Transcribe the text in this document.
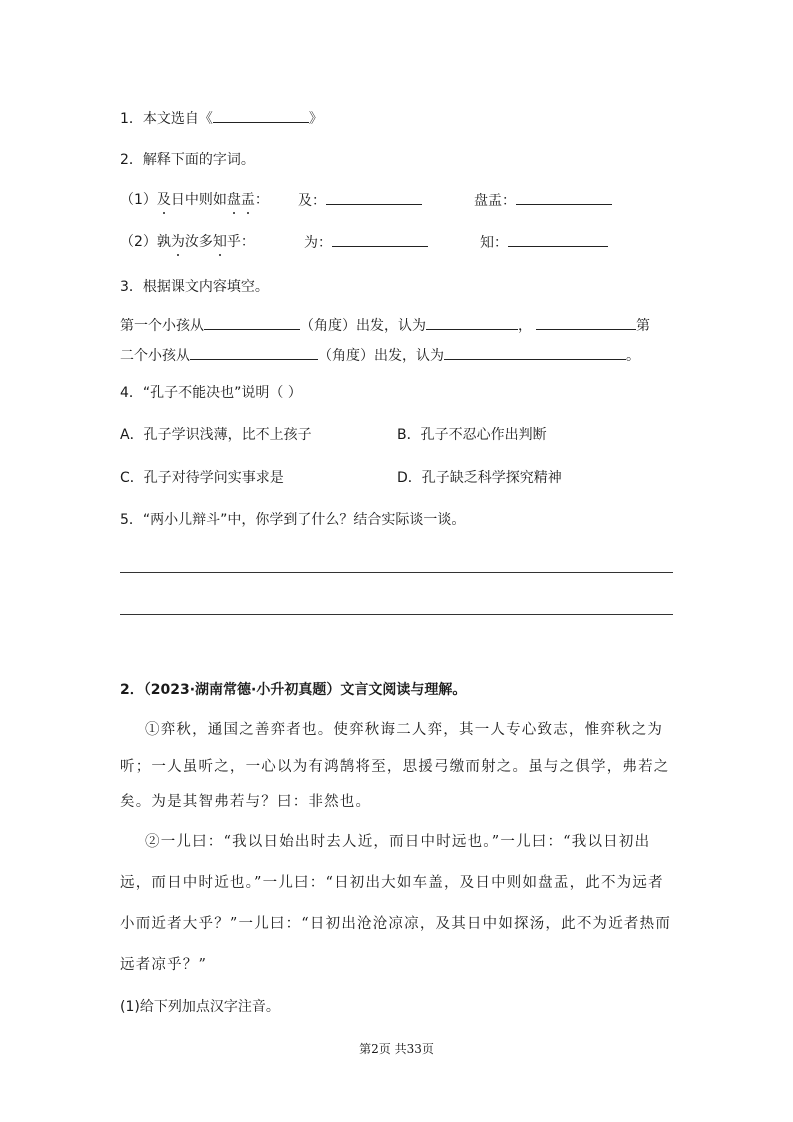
1．本文选自《	》
2．解释下面的字词。
（1）及日中则如盘盂： 及：	盘盂：
（2）孰为汝多知乎：	为：	知：
3．根据课文内容填空。
第一个小孩从	（角度）出发，认为	，	第
二个小孩从	（角度）出发，认为	。
4．“孔子不能决也”说明（ ）
A．孔子学识浅薄，比不上孩子	B．孔子不忍心作出判断
C．孔子对待学问实事求是	D．孔子缺乏科学探究精神
5．“两小儿辩斗”中，你学到了什么？结合实际谈一谈。
2．（2023·湖南常德·小升初真题）文言文阅读与理解。
①弈秋，通国之善弈者也。使弈秋诲二人弈，其一人专心致志，惟弈秋之为
听；一人虽听之，一心以为有鸿鹄将至，思援弓缴而射之。虽与之俱学，弗若之
矣。为是其智弗若与？曰：非然也。
②一儿曰：“我以日始出时去人近，而日中时远也。”一儿曰：“我以日初出
远，而日中时近也。”一儿曰：“日初出大如车盖，及日中则如盘盂，此不为远者
小而近者大乎？”一儿曰：“日初出沧沧凉凉，及其日中如探汤，此不为近者热而
远者凉乎？”
(1)给下列加点汉字注音。
第2页 共33页
